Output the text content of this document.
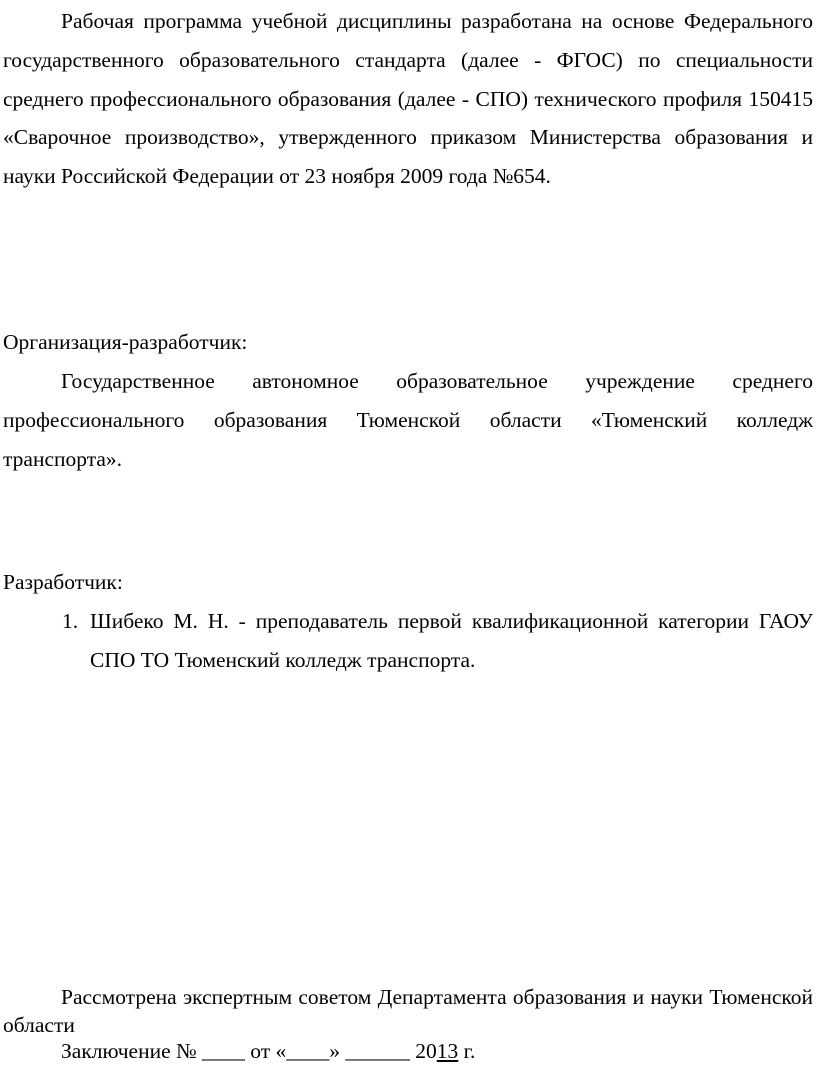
Рабочая программа учебной дисциплины разработана на основе Федерального государственного образовательного стандарта (далее - ФГОС) по специальности среднего профессионального образования (далее - СПО) технического профиля 150415 «Сварочное производство», утвержденного приказом Министерства образования и науки Российской Федерации от 23 ноября 2009 года №654.

Организация-разработчик:

Государственное автономное образовательное учреждение среднего профессионального образования Тюменской области «Тюменский колледж транспорта».

Разработчик:

1. Шибеко М. Н. - преподаватель первой квалификационной категории ГАОУ СПО ТО Тюменский колледж транспорта.

Рассмотрена экспертным советом Департамента образования и науки Тюменской области

Заключение № ____ от «____» ______ 2013 г.
